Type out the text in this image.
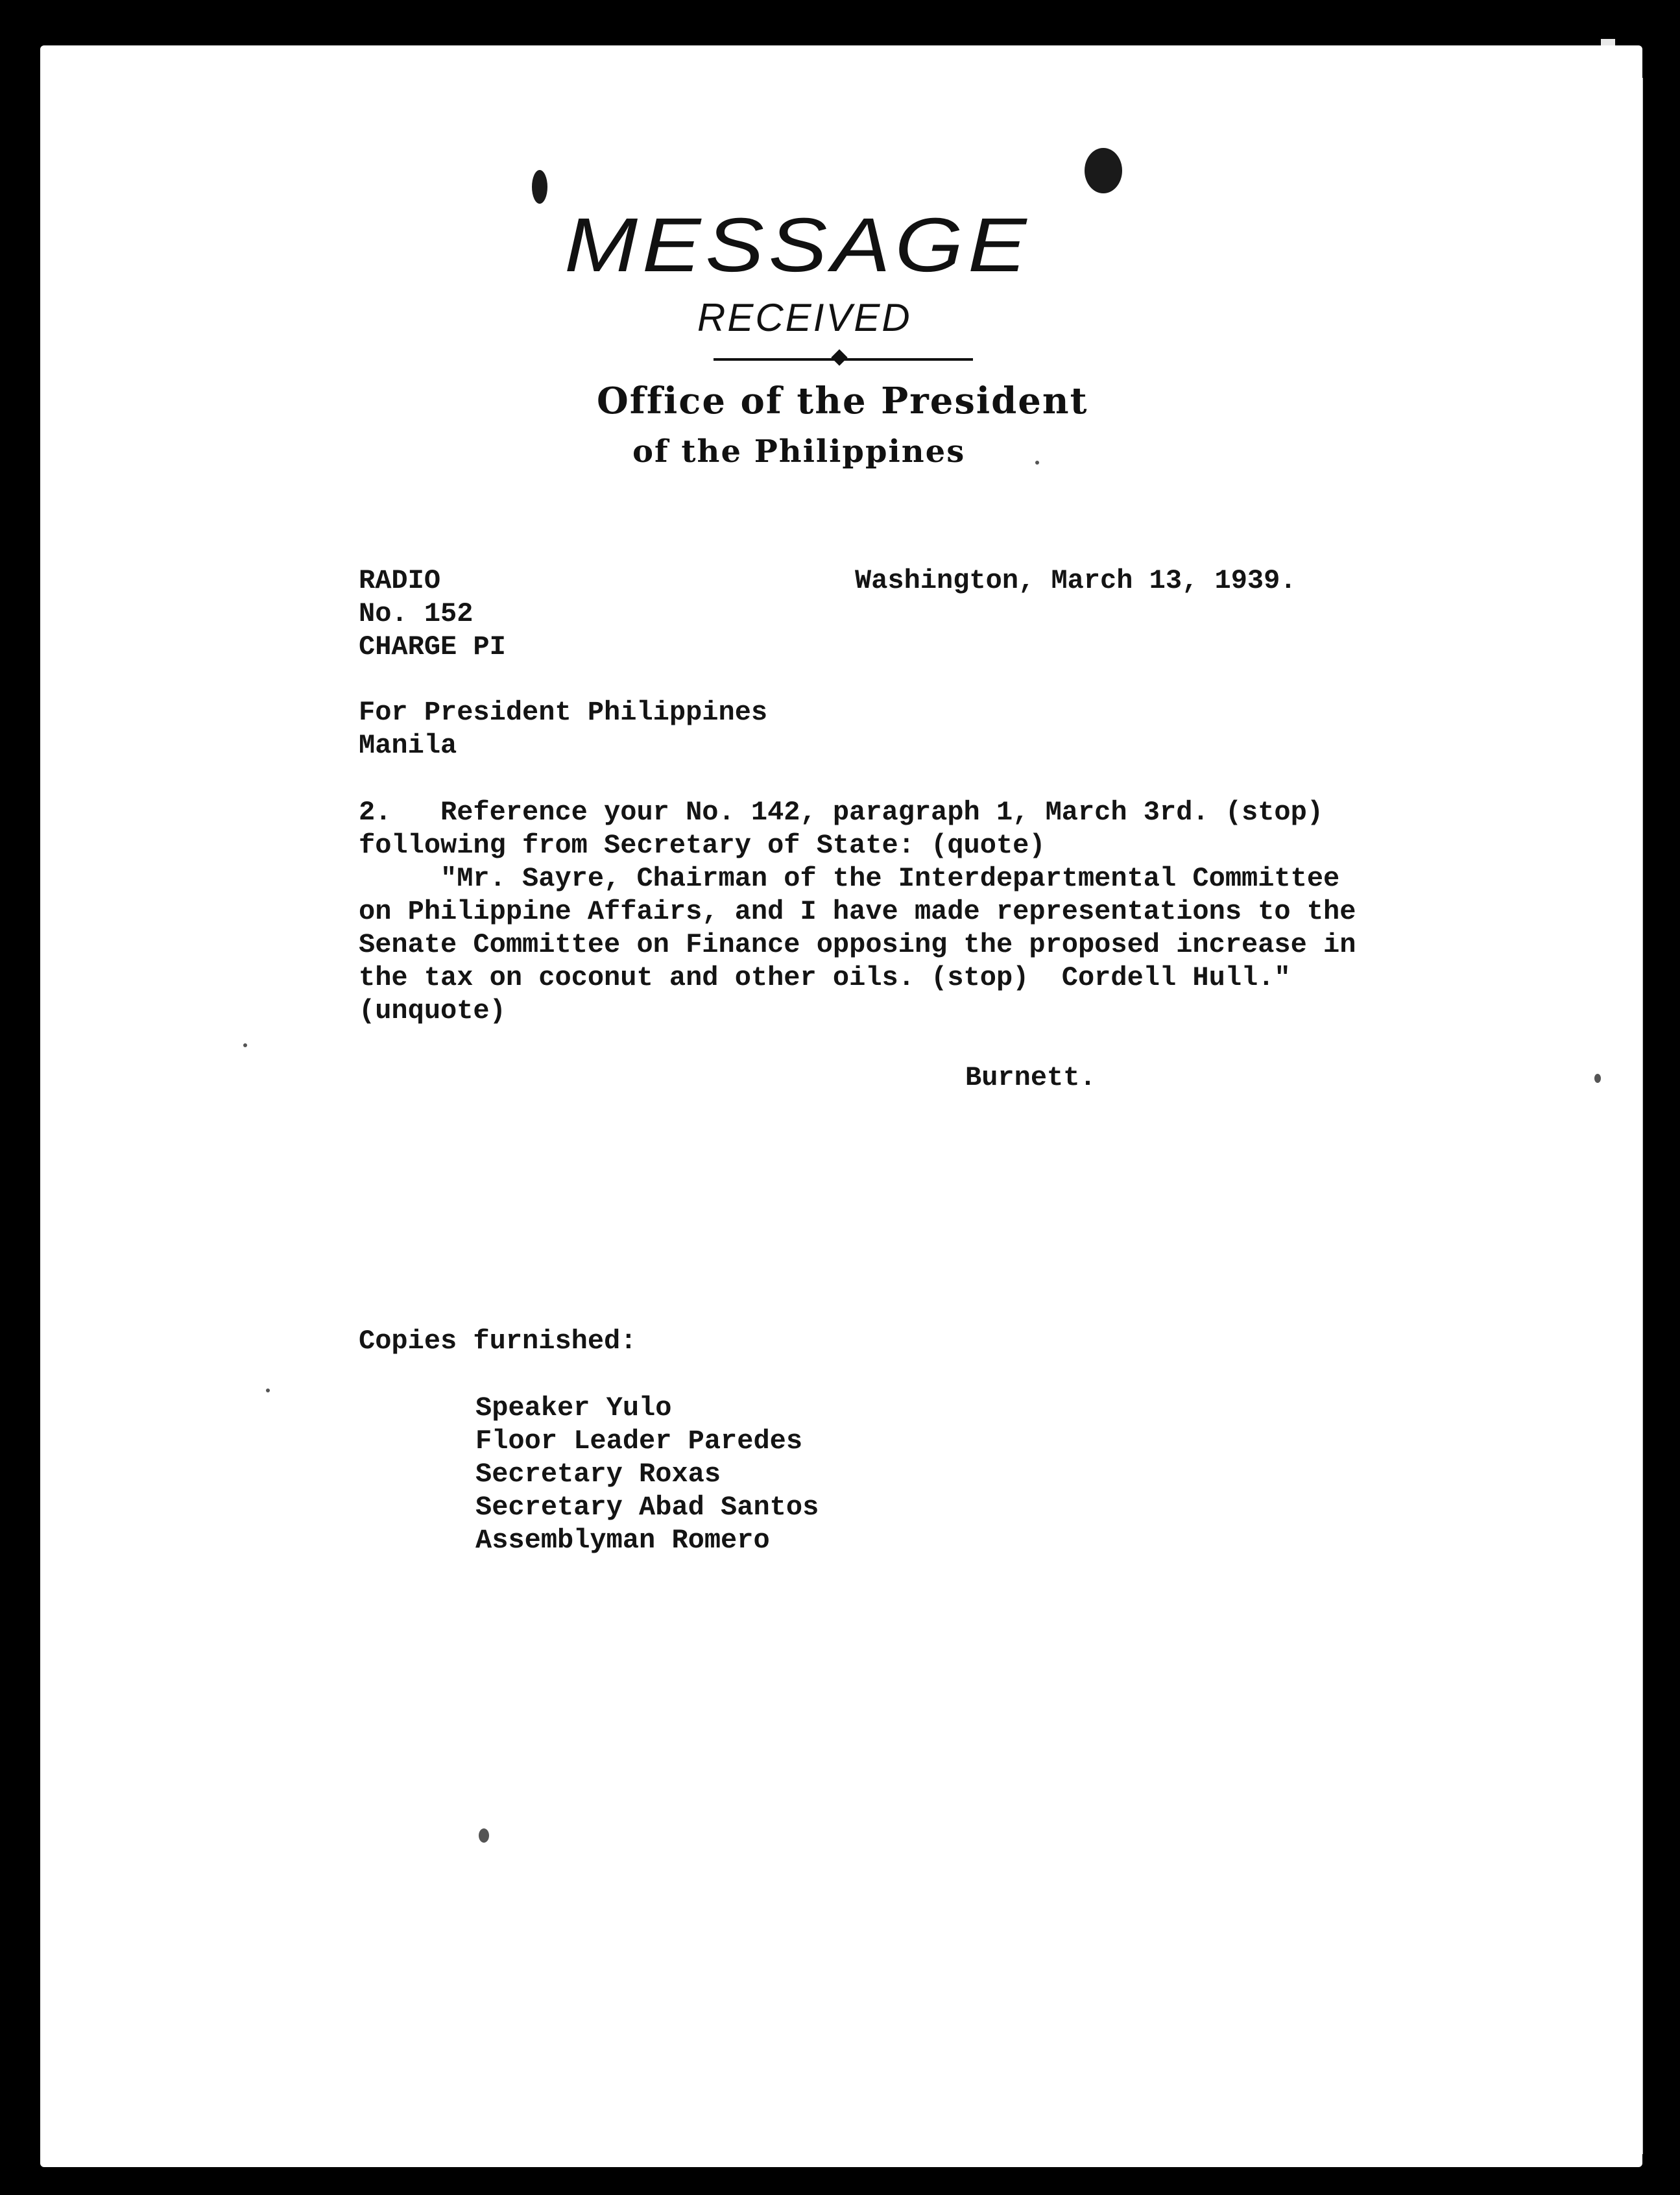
MESSAGE
RECEIVED
Office of the President
of the Philippines
RADIO
No. 152
CHARGE PI
Washington, March 13, 1939.
For President Philippines
Manila
2.   Reference your No. 142, paragraph 1, March 3rd. (stop)
following from Secretary of State: (quote)
"Mr. Sayre, Chairman of the Interdepartmental Committee
on Philippine Affairs, and I have made representations to the
Senate Committee on Finance opposing the proposed increase in
the tax on coconut and other oils. (stop)  Cordell Hull."
(unquote)
Burnett.
Copies furnished:
Speaker Yulo
Floor Leader Paredes
Secretary Roxas
Secretary Abad Santos
Assemblyman Romero
